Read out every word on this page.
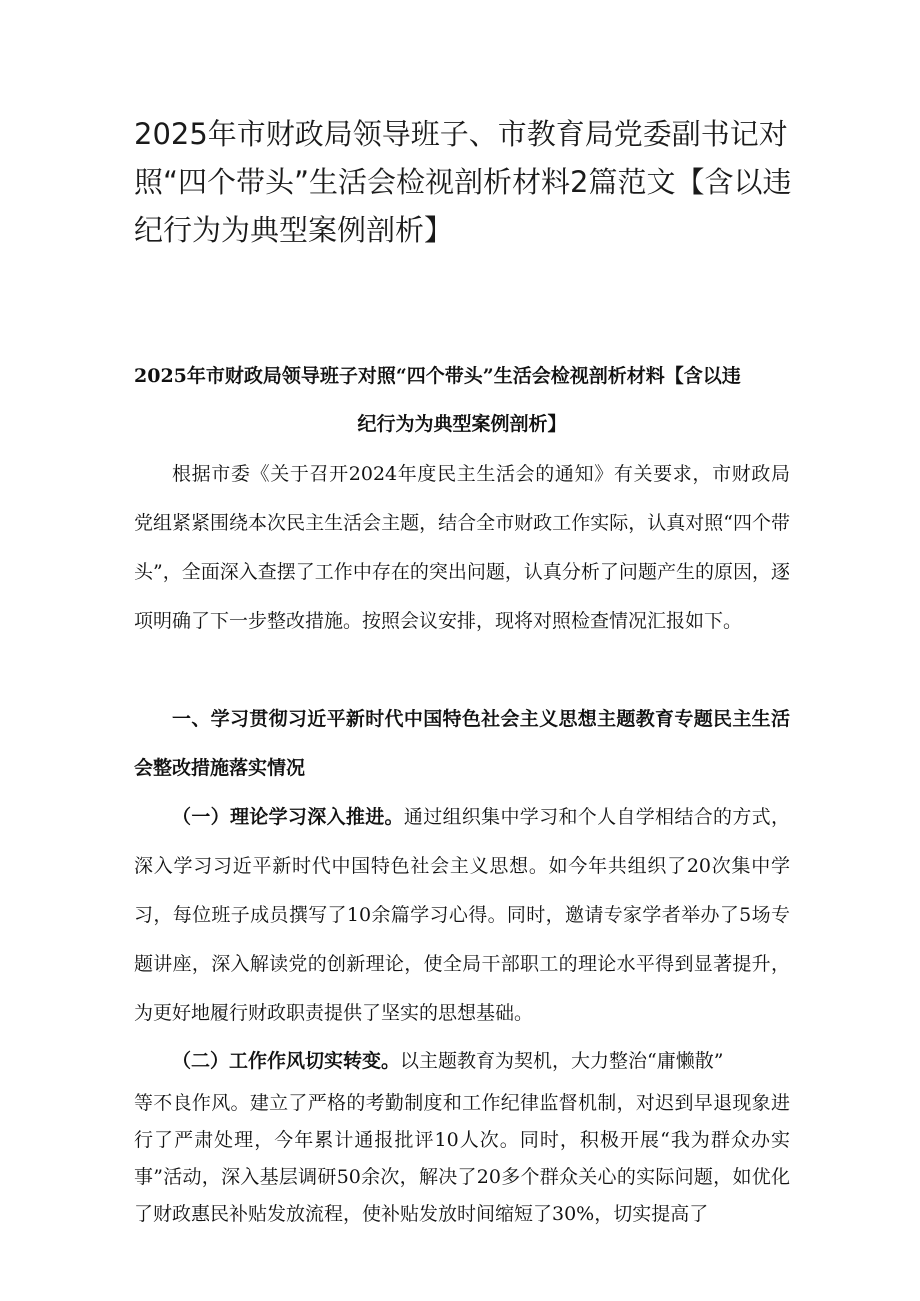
2025年市财政局领导班子、市教育局党委副书记对照“四个带头”生活会检视剖析材料2篇范文【含以违纪行为为典型案例剖析】
2025年市财政局领导班子对照“四个带头”生活会检视剖析材料【含以违
纪行为为典型案例剖析】

根据市委《关于召开2024年度民主生活会的通知》有关要求，市财政局党组紧紧围绕本次民主生活会主题，结合全市财政工作实际，认真对照“四个带头”，全面深入查摆了工作中存在的突出问题，认真分析了问题产生的原因，逐项明确了下一步整改措施。按照会议安排，现将对照检查情况汇报如下。

一、学习贯彻习近平新时代中国特色社会主义思想主题教育专题民主生活会整改措施落实情况

（一）理论学习深入推进。通过组织集中学习和个人自学相结合的方式，深入学习习近平新时代中国特色社会主义思想。如今年共组织了20次集中学习，每位班子成员撰写了10余篇学习心得。同时，邀请专家学者举办了5场专题讲座，深入解读党的创新理论，使全局干部职工的理论水平得到显著提升，为更好地履行财政职责提供了坚实的思想基础。

（二）工作作风切实转变。以主题教育为契机，大力整治“庸懒散”

等不良作风。建立了严格的考勤制度和工作纪律监督机制，对迟到早退现象进行了严肃处理，今年累计通报批评10人次。同时，积极开展“我为群众办实事”活动，深入基层调研50余次，解决了20多个群众关心的实际问题，如优化了财政惠民补贴发放流程，使补贴发放时间缩短了30%，切实提高了
